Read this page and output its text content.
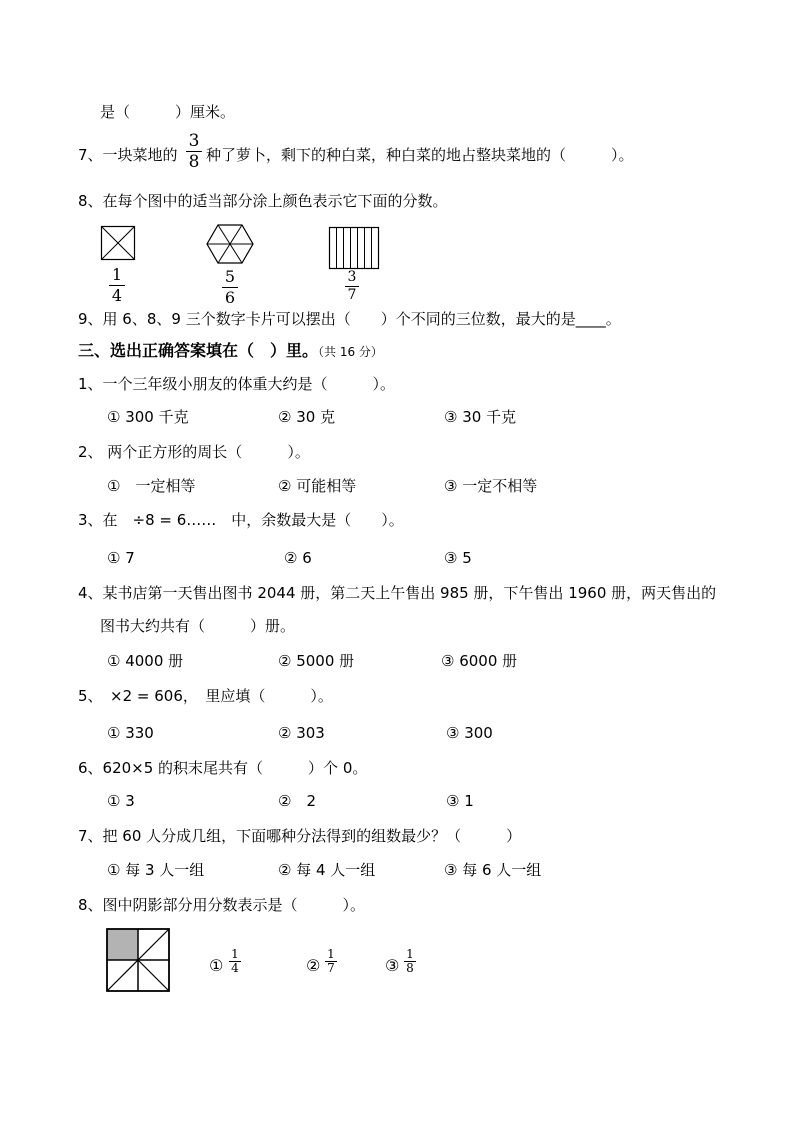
是（　　　）厘米。
7、一块菜地的
3
8 种了萝卜，剩下的种白菜，种白菜的地占整块菜地的（　　　）。
8、在每个图中的适当部分涂上颜色表示它下面的分数。
1
4
5
6
3
7
9、用 6、8、9 三个数字卡片可以摆出（　　）个不同的三位数，最大的是____。
三、选出正确答案填在（　）里。（共 16 分）
1、一个三年级小朋友的体重大约是（　　　）。
① 300 千克	② 30 克	③ 30 千克
2、 两个正方形的周长（　　　）。
①　一定相等	② 可能相等	③ 一定不相等
3、在　÷8 = 6……　中，余数最大是（　　）。
① 7	② 6	③ 5
4、某书店第一天售出图书 2044 册，第二天上午售出 985 册，下午售出 1960 册，两天售出的
图书大约共有（　　　）册。
① 4000 册	② 5000 册	③ 6000 册
5、　×2 = 606，　里应填（　　　）。
① 330	② 303	③ 300
6、620×5 的积末尾共有（　　　）个 0。
① 3	②　2	③ 1
7、把 60 人分成几组，下面哪种分法得到的组数最少？（　　　）
① 每 3 人一组	② 每 4 人一组	③ 每 6 人一组
8、图中阴影部分用分数表示是（　　　）。
①
1
4	②
1
7	③
1
8
